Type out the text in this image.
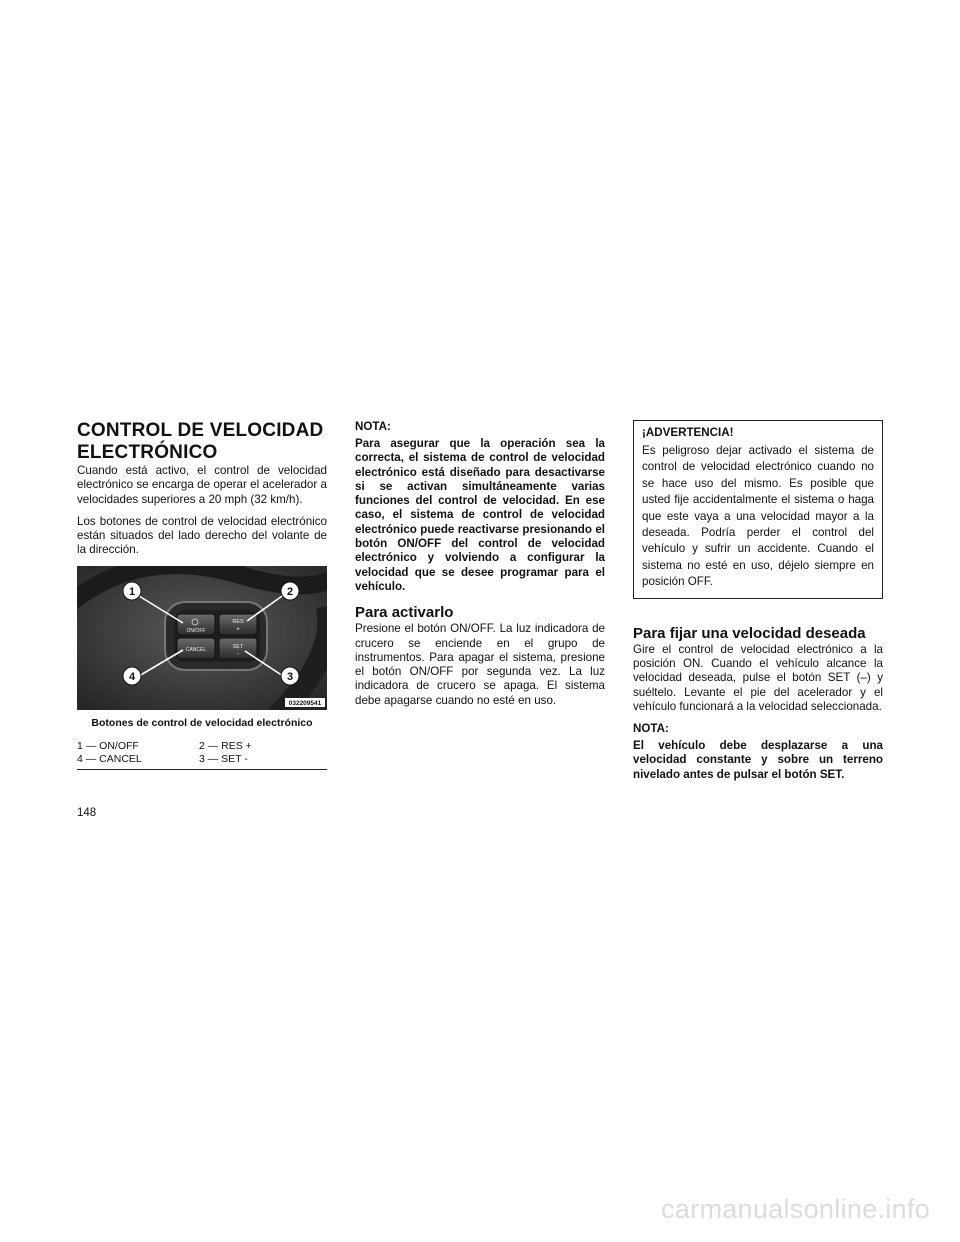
CONTROL DE VELOCIDAD
ELECTRÓNICO

Cuando está activo, el control de velocidad electrónico se encarga de operar el acelerador a velocidades superiores a 20 mph (32 km/h).

Los botones de control de velocidad electrónico están situados del lado derecho del volante de la dirección.

ON/OFF
RES
+
CANCEL	SET
-
1	2
3
4
032209541
Botones de control de velocidad electrónico
1 — ON/OFF	2 — RES +
4 — CANCEL	3 — SET -
NOTA:

Para asegurar que la operación sea la correcta, el sistema de control de velocidad electrónico está diseñado para desactivarse si se activan simultáneamente varias funciones del control de velocidad. En ese caso, el sistema de control de velocidad electrónico puede reactivarse presionando el botón ON/OFF del control de velocidad electrónico y volviendo a configurar la velocidad que se desee programar para el vehículo.

Para activarlo

Presione el botón ON/OFF. La luz indicadora de crucero se enciende en el grupo de instrumentos. Para apagar el sistema, presione el botón ON/OFF por segunda vez. La luz indicadora de crucero se apaga. El sistema debe apagarse cuando no esté en uso.

¡ADVERTENCIA!

Es peligroso dejar activado el sistema de control de velocidad electrónico cuando no se hace uso del mismo. Es posible que usted fije accidentalmente el sistema o haga que este vaya a una velocidad mayor a la deseada. Podría perder el control del vehículo y sufrir un accidente. Cuando el sistema no esté en uso, déjelo siempre en posición OFF.

Para fijar una velocidad deseada

Gire el control de velocidad electrónico a la posición ON. Cuando el vehículo alcance la velocidad deseada, pulse el botón SET (–) y suéltelo. Levante el pie del acelerador y el vehículo funcionará a la velocidad seleccionada.

NOTA:

El vehículo debe desplazarse a una velocidad constante y sobre un terreno nivelado antes de pulsar el botón SET.

148
carmanualsonline.info
